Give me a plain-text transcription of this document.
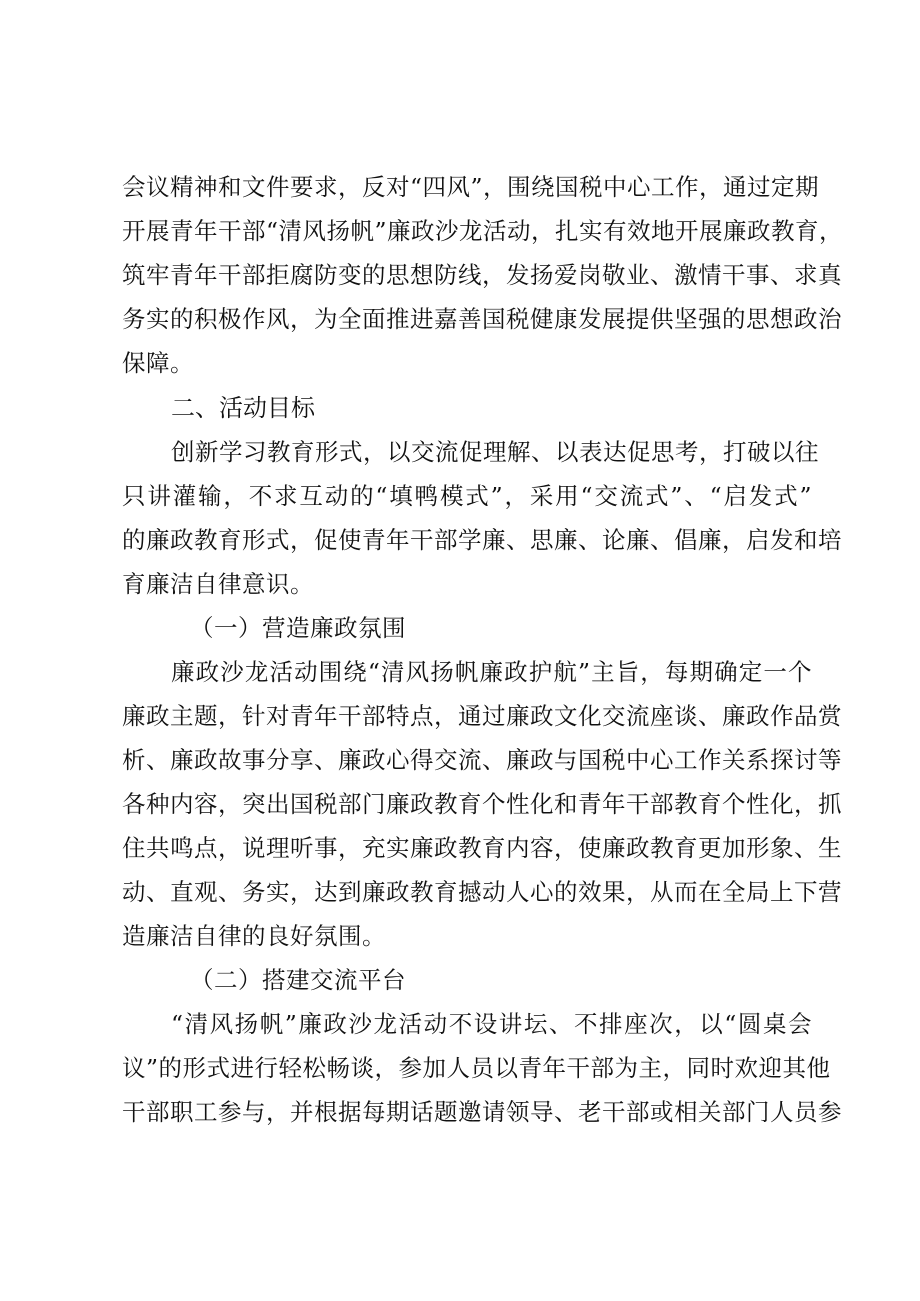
会议精神和文件要求，反对“四风”，围绕国税中心工作，通过定期
开展青年干部“清风扬帆”廉政沙龙活动，扎实有效地开展廉政教育，
筑牢青年干部拒腐防变的思想防线，发扬爱岗敬业、激情干事、求真
务实的积极作风，为全面推进嘉善国税健康发展提供坚强的思想政治
保障。
二、活动目标
创新学习教育形式，以交流促理解、以表达促思考，打破以往
只讲灌输，不求互动的“填鸭模式”，采用“交流式”、“启发式”
的廉政教育形式，促使青年干部学廉、思廉、论廉、倡廉，启发和培
育廉洁自律意识。
（一）营造廉政氛围
廉政沙龙活动围绕“清风扬帆廉政护航”主旨，每期确定一个
廉政主题，针对青年干部特点，通过廉政文化交流座谈、廉政作品赏
析、廉政故事分享、廉政心得交流、廉政与国税中心工作关系探讨等
各种内容，突出国税部门廉政教育个性化和青年干部教育个性化，抓
住共鸣点，说理听事，充实廉政教育内容，使廉政教育更加形象、生
动、直观、务实，达到廉政教育撼动人心的效果，从而在全局上下营
造廉洁自律的良好氛围。
（二）搭建交流平台
“清风扬帆”廉政沙龙活动不设讲坛、不排座次，以“圆桌会
议”的形式进行轻松畅谈，参加人员以青年干部为主，同时欢迎其他
干部职工参与，并根据每期话题邀请领导、老干部或相关部门人员参
